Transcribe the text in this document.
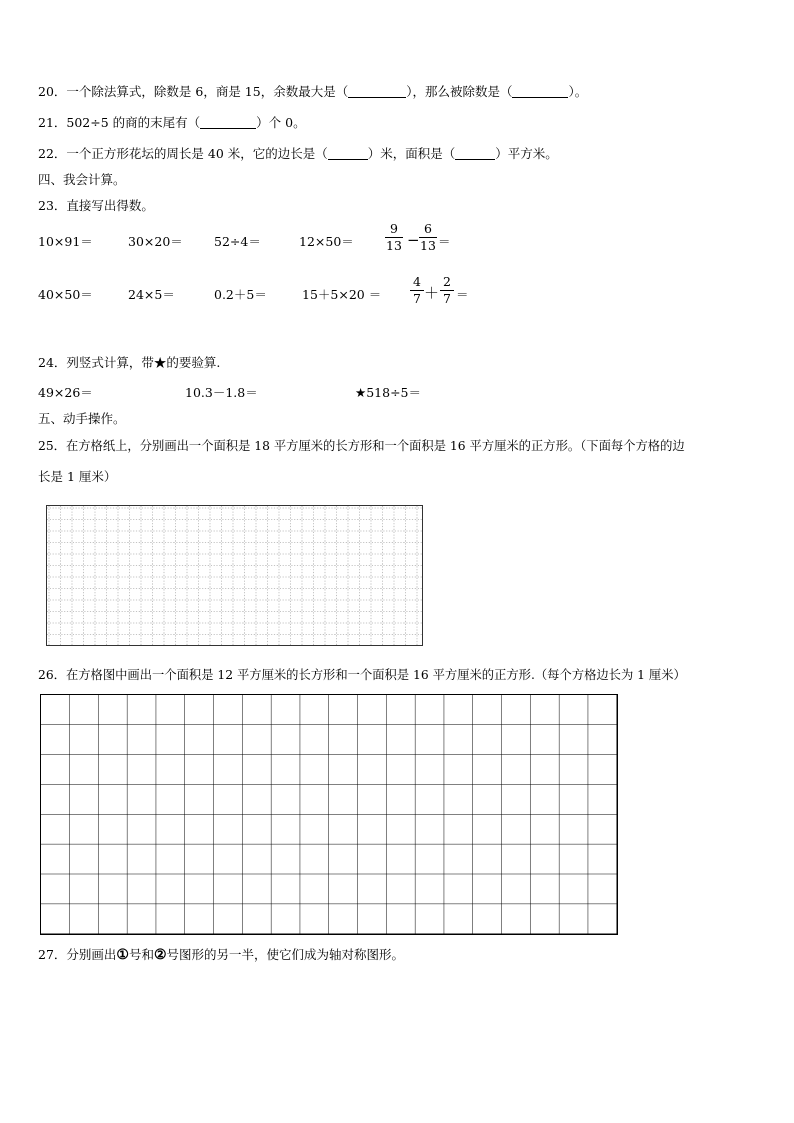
20．一个除法算式，除数是 6，商是 15，余数最大是（	），那么被除数是（	）。
21．502÷5 的商的末尾有（	）个 0。
22．一个正方形花坛的周长是 40 米，它的边长是（	）米，面积是（	）平方米。
四、我会计算。
23．直接写出得数。
10×91＝	30×20＝ 52÷4＝	12×50＝
9
13 −
6
13 ＝
40×50＝	24×5＝	0.2＋5＝	15＋5×20 ＝
4
7 ＋
2
7 ＝
24．列竖式计算，带★的要验算.
49×26＝	10.3－1.8＝	★518÷5＝
五、动手操作。
25．在方格纸上，分别画出一个面积是 18 平方厘米的长方形和一个面积是 16 平方厘米的正方形。（下面每个方格的边
长是 1 厘米）
26．在方格图中画出一个面积是 12 平方厘米的长方形和一个面积是 16 平方厘米的正方形.（每个方格边长为 1 厘米）
27．分别画出①号和②号图形的另一半，使它们成为轴对称图形。
